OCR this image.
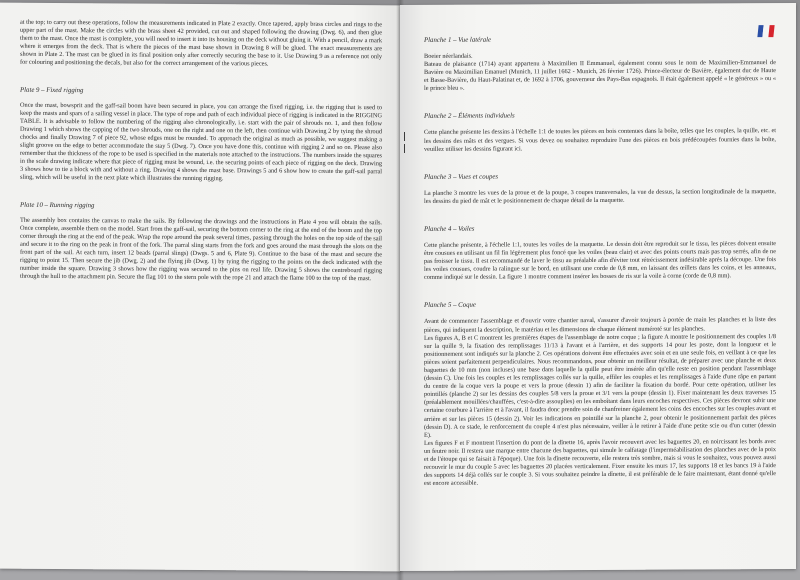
at the top; to carry out these operations, follow the measurements indicated in Plate 2 exactly. Once tapered, apply brass circles and rings to the upper part of the mast. Make the circles with the brass sheet 42 provided, cut out and shaped following the drawing (Dwg. 6), and then glue them to the mast. Once the mast is complete, you will need to insert it into its housing on the deck without gluing it. With a pencil, draw a mark where it emerges from the deck. That is where the pieces of the mast base shown in Drawing 8 will be glued. The exact measurements are shown in Plate 2. The mast can be glued in its final position only after correctly securing the base to it. Use Drawing 9 as a reference not only for colouring and positioning the decals, but also for the correct arrangement of the various pieces.

Plate 9 – Fixed rigging

Once the mast, bowsprit and the gaff-sail boom have been secured in place, you can arrange the fixed rigging, i.e. the rigging that is used to keep the masts and spars of a sailing vessel in place. The type of rope and path of each individual piece of rigging is indicated in the RIGGING TABLE. It is advisable to follow the numbering of the rigging also chronologically, i.e. start with the pair of shrouds no. 1, and then follow Drawing 1 which shows the capping of the two shrouds, one on the right and one on the left, then continue with Drawing 2 by tying the shroud chocks and finally Drawing 7 of piece 92, whose edges must be rounded. To approach the original as much as possible, we suggest making a slight groove on the edge to better accommodate the stay 5 (Dwg. 7). Once you have done this, continue with rigging 2 and so on. Please also remember that the thickness of the rope to be used is specified in the materials note attached to the instructions. The numbers inside the squares in the scale drawing indicate where that piece of rigging must be wound, i.e. the securing points of each piece of rigging on the deck. Drawing 3 shows how to tie a block with and without a ring. Drawing 4 shows the mast base. Drawings 5 and 6 show how to create the gaff-sail parral sling, which will be useful in the next plate which illustrates the running rigging.

Plate 10 – Running rigging

The assembly box contains the canvas to make the sails. By following the drawings and the instructions in Plate 4 you will obtain the sails. Once complete, assemble them on the model. Start from the gaff-sail, securing the bottom corner to the ring at the end of the boom and the top corner through the ring at the end of the peak. Wrap the rope around the peak several times, passing through the holes on the top side of the sail and secure it to the ring on the peak in front of the fork. The parral sling starts from the fork and goes around the mast through the slots on the front part of the sail. At each turn, insert 12 beads (parral slings) (Dwgs. 5 and 6, Plate 9). Continue to the base of the mast and secure the rigging to point 15. Then secure the jib (Dwg. 2) and the flying jib (Dwg. 1) by tying the rigging to the points on the deck indicated with the number inside the square. Drawing 3 shows how the rigging was secured to the pins on real life. Drawing 5 shows the centreboard rigging through the hull to the attachment pin. Secure the flag 101 to the stern pole with the rope 21 and attach the flame 100 to the top of the mast.

Planche 1 – Vue latérale

Boeier néerlandais.

Bateau de plaisance (1714) ayant appartenu à Maximilien II Emmanuel, également connu sous le nom de Maximilien-Emmanuel de Bavière ou Maximilian Emanuel (Munich, 11 juillet 1662 - Munich, 26 février 1726). Prince-électeur de Bavière, également duc de Haute et Basse-Bavière, du Haut-Palatinat et, de 1692 à 1706, gouverneur des Pays-Bas espagnols. Il était également appelé « le généreux » ou « le prince bleu ».

Planche 2 – Éléments individuels

Cette planche présente les dessins à l'échelle 1:1 de toutes les pièces en bois contenues dans la boîte, telles que les couples, la quille, etc. et les dessins des mâts et des vergues. Si vous devez ou souhaitez reproduire l'une des pièces en bois prédécoupées fournies dans la boîte, veuillez utiliser les dessins figurant ici.

Planche 3 – Vues et coupes

La planche 3 montre les vues de la proue et de la poupe, 3 coupes transversales, la vue de dessus, la section longitudinale de la maquette, les dessins du pied de mât et le positionnement de chaque détail de la maquette.

Planche 4 – Voiles

Cette planche présente, à l'échelle 1:1, toutes les voiles de la maquette. Le dessin doit être reproduit sur le tissu, les pièces doivent ensuite être cousues en utilisant un fil fin légèrement plus foncé que les voiles (beau clair) et avec des points courts mais pas trop serrés, afin de ne pas froisser le tissu. Il est recommandé de laver le tissu au préalable afin d'éviter tout rétrécissement indésirable après la découpe. Une fois les voiles cousues, coudre la ralingue sur le bord, en utilisant une corde de 0,8 mm, en laissant des œillets dans les coins, et les anneaux, comme indiqué sur le dessin. La figure 1 montre comment insérer les bosses de ris sur la voile à corne (corde de 0,8 mm).

Planche 5 – Coque

Avant de commencer l'assemblage et d'ouvrir votre chantier naval, s'assurer d'avoir toujours à portée de main les planches et la liste des pièces, qui indiquent la description, le matériau et les dimensions de chaque élément numéroté sur les planches.

Les figures A, B et C montrent les premières étapes de l'assemblage de notre coque ; la figure A montre le positionnement des couples 1/8 sur la quille 9, la fixation des remplissages 11/13 à l'avant et à l'arrière, et des supports 14 pour les poste, dont la longueur et le positionnement sont indiqués sur la planche 2. Ces opérations doivent être effectuées avec soin et en une seule fois, en veillant à ce que les pièces soient parfaitement perpendiculaires. Nous recommandons, pour obtenir un meilleur résultat, de préparer avec une planche et deux baguettes de 10 mm (non incluses) une base dans laquelle la quille peut être insérée afin qu'elle reste en position pendant l'assemblage (dessin C). Une fois les couples et les remplissages collés sur la quille, effiler les couples et les remplissages à l'aide d'une râpe en partant du centre de la coque vers la poupe et vers la proue (dessin 1) afin de faciliter la fixation du bordé. Pour cette opération, utiliser les pointillés (planche 2) sur les dessins des couples 5/8 vers la proue et 3/1 vers la poupe (dessin 1). Fixer maintenant les deux traverses 15 (préalablement mouillées/chauffées, c'est-à-dire assouplies) en les emboîtant dans leurs encoches respectives. Ces pièces devront subir une certaine courbure à l'arrière et à l'avant, il faudra donc prendre soin de chanfreiner également les coins des encoches sur les couples avant et arrière et sur les pièces 15 (dessin 2). Voir les indications en pointillé sur la planche 2, pour obtenir le positionnement parfait des pièces (dessin D). A ce stade, le renforcement du couple 4 n'est plus nécessaire, veiller à le retirer à l'aide d'une petite scie ou d'un cutter (dessin E).

Les figures F et F montrent l'insertion du pont de la dînette 16, après l'avoir recouvert avec les baguettes 20, en noircissant les bords avec un feutre noir. Il restera une marque entre chacune des baguettes, qui simule le calfatage (l'imperméabilisation des planches avec de la poix et de l'étoupe qui se faisait à l'époque). Une fois la dînette recouverte, elle restera très sombre, mais si vous le souhaitez, vous pouvez aussi recouvrir le mur du couple 5 avec les baguettes 20 placées verticalement. Fixer ensuite les murs 17, les supports 18 et les bancs 19 à l'aide des supports 14 déjà collés sur le couple 3. Si vous souhaitez peindre la dînette, il est préférable de le faire maintenant, étant donné qu'elle est encore accessible.
